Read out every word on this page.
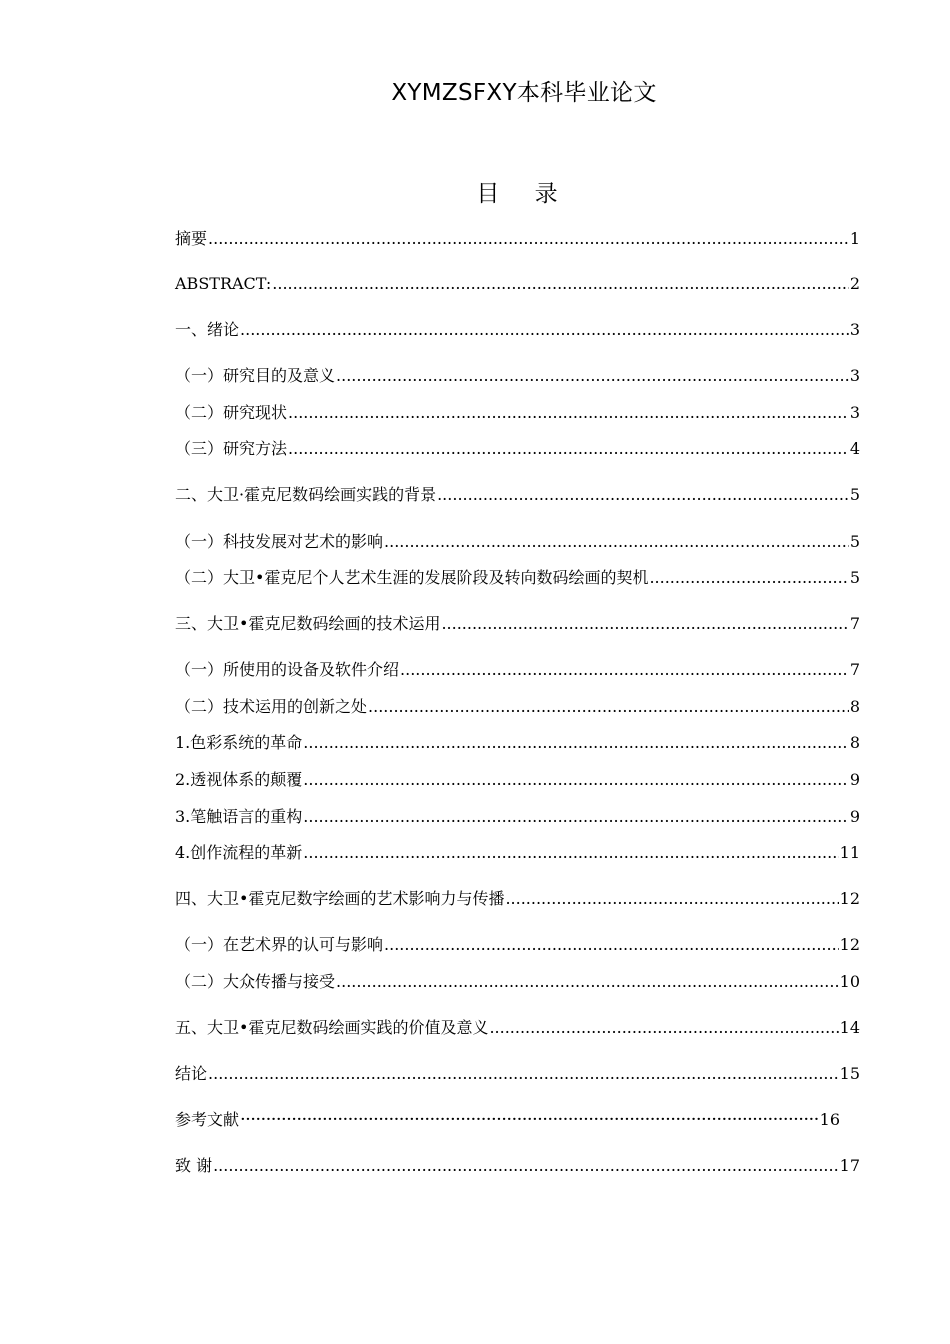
XYMZSFXY本科毕业论文
目 录
摘要 .....	1
ABSTRACT: .....	2
一、绪论 .....	3
（一）研究目的及意义 .....	3
（二）研究现状 .....	3
（三）研究方法 .....	4
二、大卫·霍克尼数码绘画实践的背景 .....	5
（一）科技发展对艺术的影响 .....	5
（二）大卫•霍克尼个人艺术生涯的发展阶段及转向数码绘画的契机 .....	5
三、大卫•霍克尼数码绘画的技术运用 .....	7
（一）所使用的设备及软件介绍 .....	7
（二）技术运用的创新之处 .....	8
1.色彩系统的革命 .....	8
2.透视体系的颠覆 .....	9
3.笔触语言的重构 .....	9
4.创作流程的革新 .....	11
四、大卫•霍克尼数字绘画的艺术影响力与传播 .....	12
（一）在艺术界的认可与影响 .....	12
（二）大众传播与接受 .....	10
五、大卫•霍克尼数码绘画实践的价值及意义 .....	14
结论 .....	15
参考文献 ·····	16
致 谢 .....	17
